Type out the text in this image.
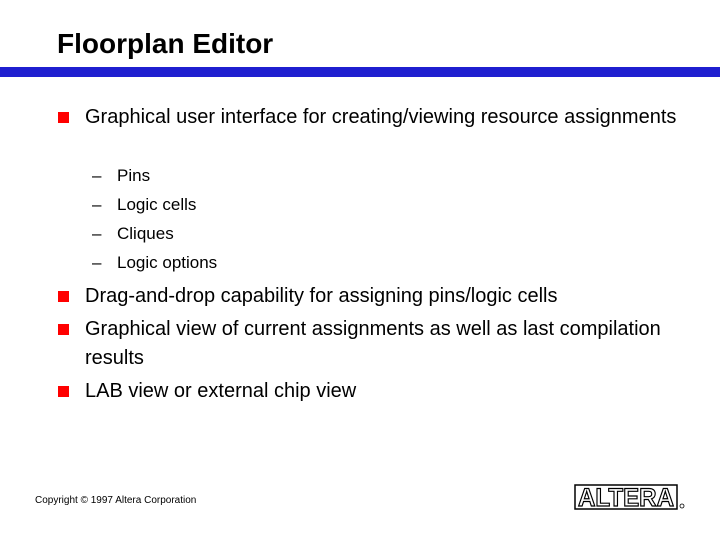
Floorplan Editor
Graphical user interface for creating/viewing resource assignments
– Pins
– Logic cells
– Cliques
– Logic options
Drag-and-drop capability for assigning pins/logic cells
Graphical view of current assignments as well as last compilation results
LAB view or external chip view
Copyright © 1997 Altera Corporation	ALTERA
